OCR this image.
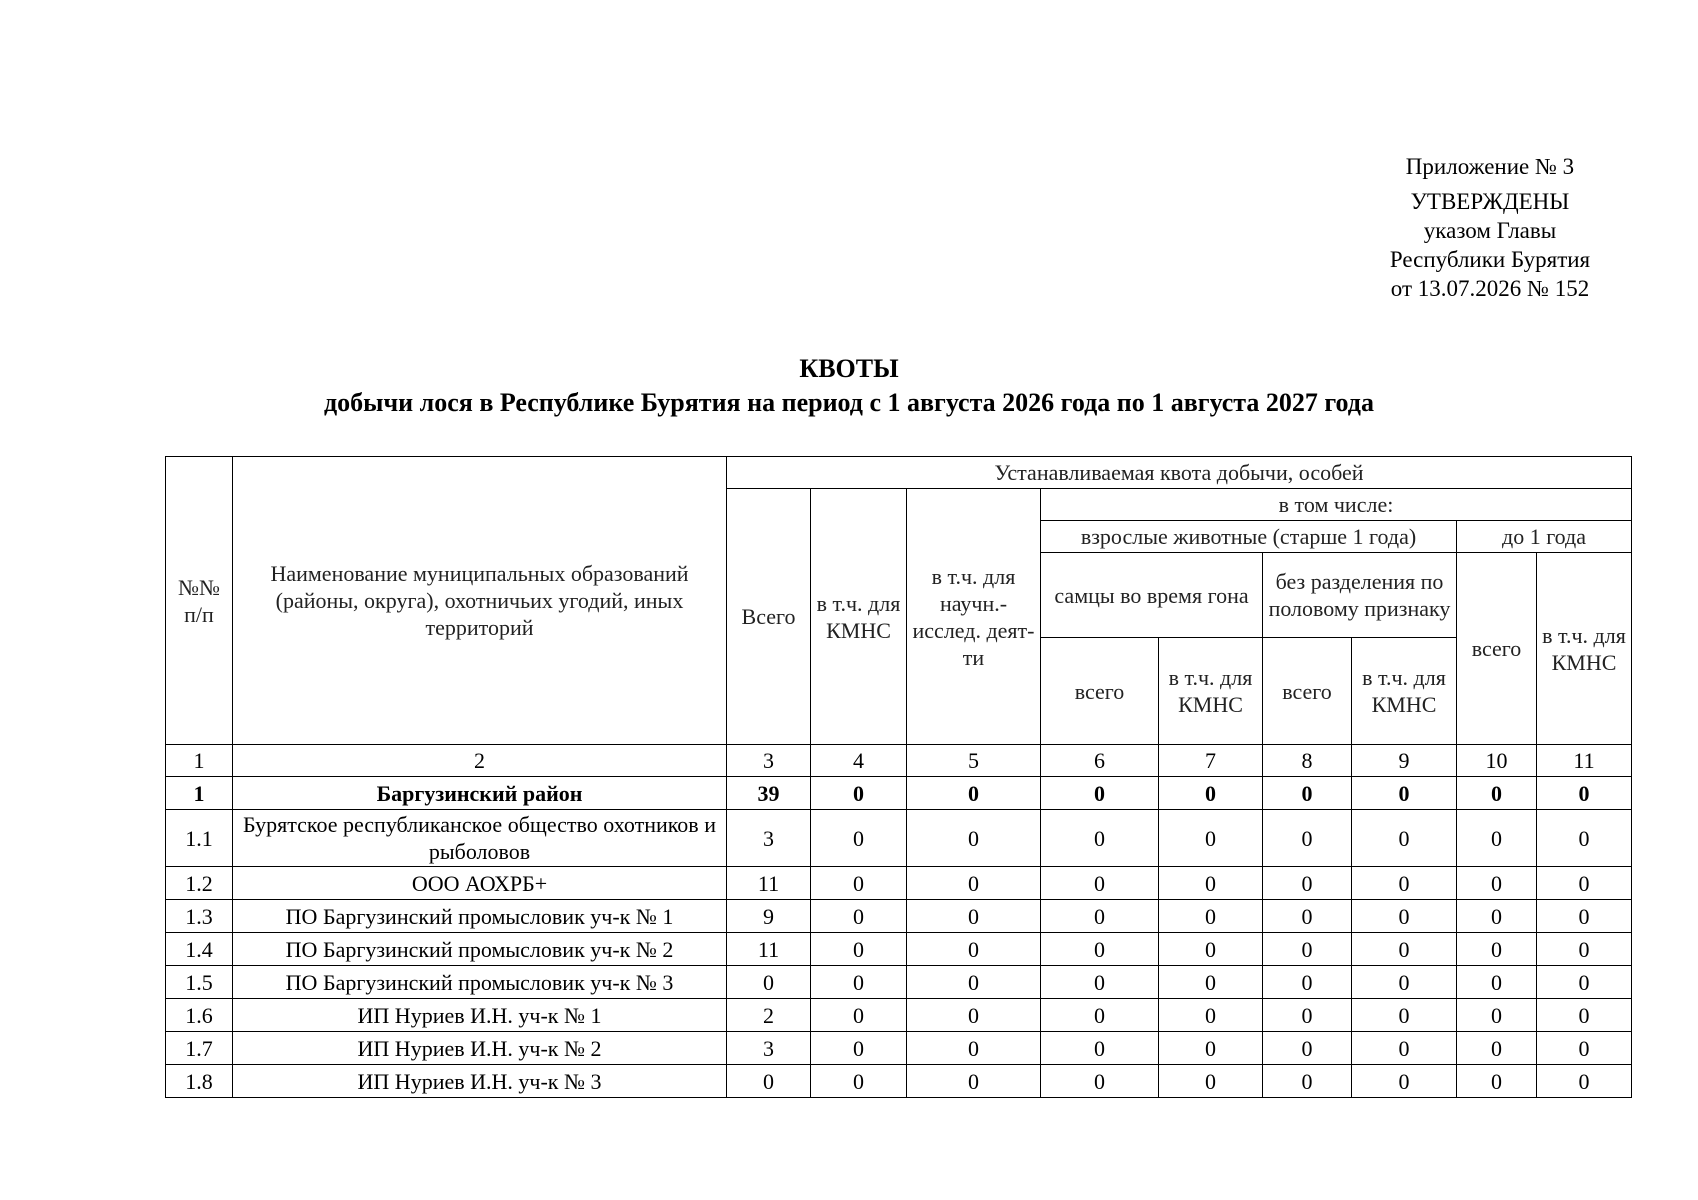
Приложение № 3
УТВЕРЖДЕНЫ
указом Главы
Республики Бурятия
от 13.07.2026 № 152
КВОТЫ
добычи лося в Республике Бурятия на период с 1 августа 2026 года по 1 августа 2027 года
№№ п/п	Наименование муниципальных образований (районы, округа), охотничьих угодий, иных территорий	Устанавливаемая квота добычи, особей								
		Всего	в т.ч. для КМНС	в т.ч. для научн.-исслед. деят-ти	в том числе:					
					взрослые животные (старше 1 года)				до 1 года	
					самцы во время гона		без разделения по половому признаку		всего	в т.ч. для КМНС
					всего	в т.ч. для КМНС	всего	в т.ч. для КМНС		
1	2	3	4	5	6	7	8	9	10	11
1	Баргузинский район	39	0	0	0	0	0	0	0	0
1.1	Бурятское республиканское общество охотников и рыболовов	3	0	0	0	0	0	0	0	0
1.2	ООО АОХРБ+	11	0	0	0	0	0	0	0	0
1.3	ПО Баргузинский промысловик уч-к № 1	9	0	0	0	0	0	0	0	0
1.4	ПО Баргузинский промысловик уч-к № 2	11	0	0	0	0	0	0	0	0
1.5	ПО Баргузинский промысловик уч-к № 3	0	0	0	0	0	0	0	0	0
1.6	ИП Нуриев И.Н. уч-к № 1	2	0	0	0	0	0	0	0	0
1.7	ИП Нуриев И.Н. уч-к № 2	3	0	0	0	0	0	0	0	0
1.8	ИП Нуриев И.Н. уч-к № 3	0	0	0	0	0	0	0	0	0
